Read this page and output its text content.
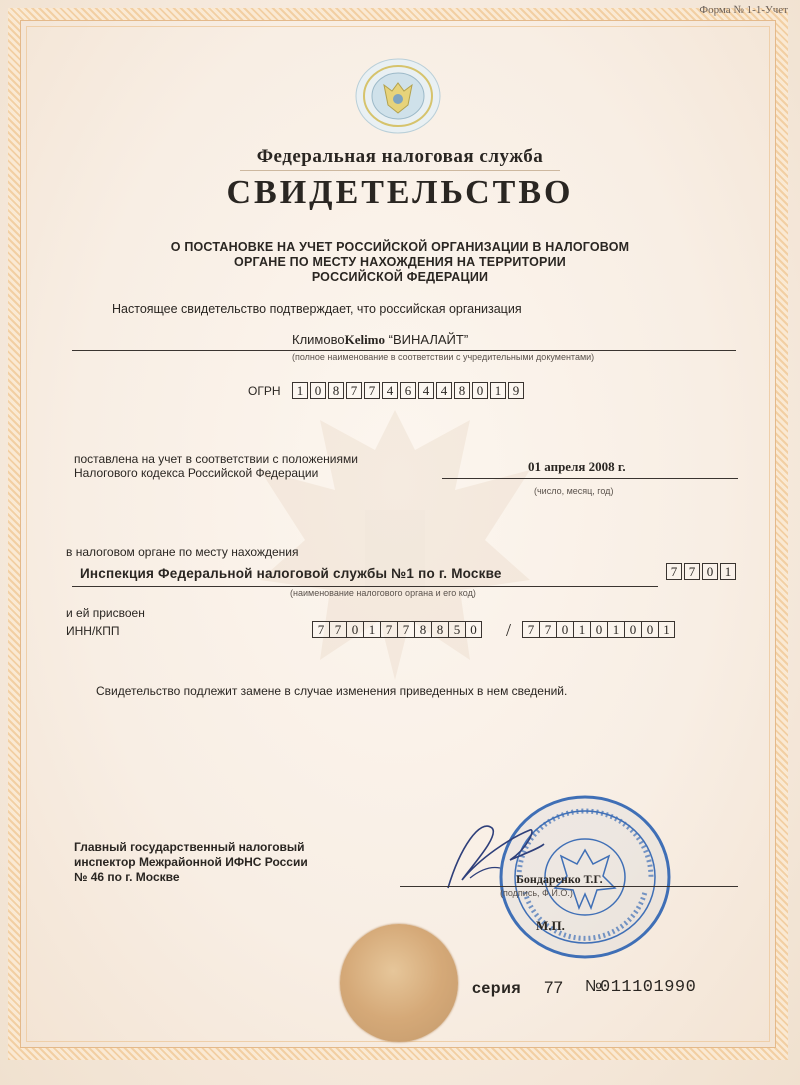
Форма № 1-1-Учет
Федеральная налоговая служба
СВИДЕТЕЛЬСТВО
О ПОСТАНОВКЕ НА УЧЕТ РОССИЙСКОЙ ОРГАНИЗАЦИИ В НАЛОГОВОМ
ОРГАНЕ ПО МЕСТУ НАХОЖДЕНИЯ НА ТЕРРИТОРИИ
РОССИЙСКОЙ ФЕДЕРАЦИИ
Настоящее свидетельство подтверждает, что российская организация
КлимовоKelimo “ВИНАЛАЙТ”
(полное наименование в соответствии с учредительными документами)
ОГРН	1 0 8 7 7 4 6 4 4 8 0 1 9
поставлена на учет в соответствии с положениями
Налогового кодекса Российской Федерации	01 апреля 2008 г.
(число, месяц, год)
в налоговом органе по месту нахождения
Инспекция Федеральной налоговой службы №1 по г. Москве
(наименование налогового органа и его код)
7 7 0 1
и ей присвоен
ИНН/КПП	7 7 0 1 7 7 8 8 5 0 /	7 7 0 1 0 1 0 0 1
Свидетельство подлежит замене в случае изменения приведенных в нем сведений.
Главный государственный налоговый
инспектор Межрайонной ИФНС России
№ 46 по г. Москве	Бондаренко Т.Г.
(подпись, Ф.И.О.)
М.П.
серия 77 №
011101990
